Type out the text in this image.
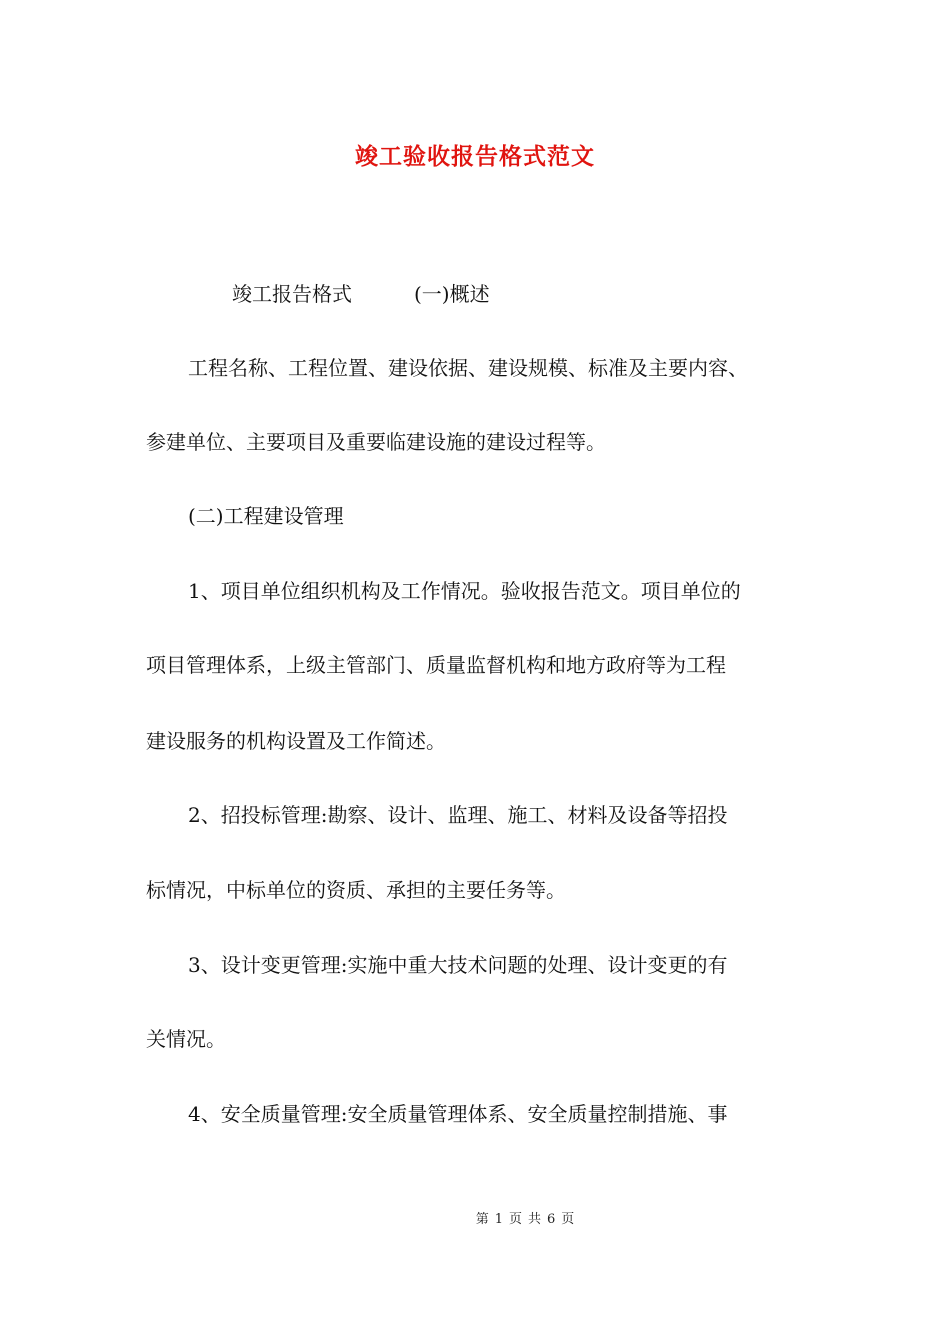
竣工验收报告格式范文
竣工报告格式	(一)概述
工程名称、工程位置、建设依据、建设规模、标准及主要内容、
参建单位、主要项目及重要临建设施的建设过程等。
(二)工程建设管理
1、项目单位组织机构及工作情况。验收报告范文。项目单位的
项目管理体系，上级主管部门、质量监督机构和地方政府等为工程
建设服务的机构设置及工作简述。
2、招投标管理:勘察、设计、监理、施工、材料及设备等招投
标情况，中标单位的资质、承担的主要任务等。
3、设计变更管理:实施中重大技术问题的处理、设计变更的有
关情况。
4、安全质量管理:安全质量管理体系、安全质量控制措施、事
第 1 页 共 6 页
